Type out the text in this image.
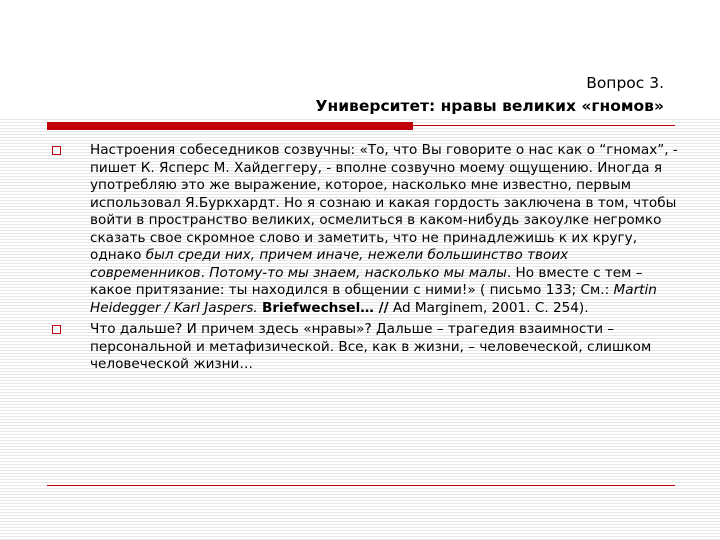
Вопрос 3.
Университет: нравы великих «гномов»
Настроения собеседников созвучны: «То, что Вы говорите о нас как о “гномах”, - пишет К. Ясперс М. Хайдеггеру, - вполне созвучно моему ощущению. Иногда я употребляю это же выражение, которое, насколько мне известно, первым использовал Я.Буркхардт. Но я сознаю и какая гордость заключена в том, чтобы войти в пространство великих, осмелиться в каком-нибудь закоулке негромко сказать свое скромное слово и заметить, что не принадлежишь к их кругу, однако был среди них, причем иначе, нежели большинство твоих современников. Потому-то мы знаем, насколько мы малы. Но вместе с тем – какое притязание: ты находился в общении с ними!» ( письмо 133; См.: Martin Heidegger / Karl Jaspers. Briefwechsel… // Ad Marginem, 2001. С. 254).
Что дальше? И причем здесь «нравы»? Дальше – трагедия взаимности – персональной и метафизической. Все, как в жизни, – человеческой, слишком человеческой жизни…
